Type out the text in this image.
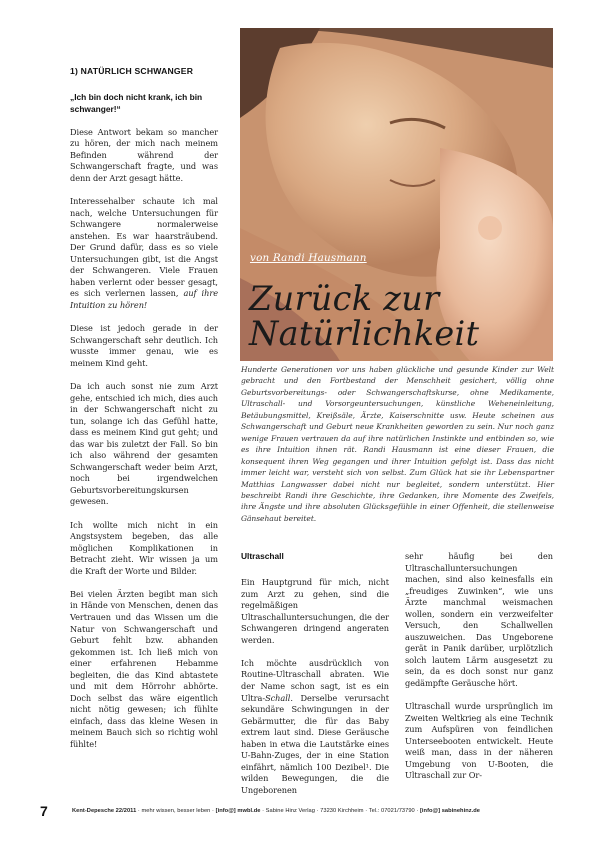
1) NATÜRLICH SCHWANGER
„Ich bin doch nicht krank, ich bin schwanger!“

Diese Antwort bekam so mancher zu hören, der mich nach meinem Befinden während der Schwangerschaft fragte, und was denn der Arzt gesagt hätte.

Interessehalber schaute ich mal nach, welche Untersuchungen für Schwangere normalerweise anstehen. Es war haarsträubend. Der Grund dafür, dass es so viele Untersuchungen gibt, ist die Angst der Schwangeren. Viele Frauen haben verlernt oder besser gesagt, es sich verlernen lassen, auf ihre Intuition zu hören!

Diese ist jedoch gerade in der Schwangerschaft sehr deutlich. Ich wusste immer genau, wie es meinem Kind geht.

Da ich auch sonst nie zum Arzt gehe, entschied ich mich, dies auch in der Schwangerschaft nicht zu tun, solange ich das Gefühl hatte, dass es meinem Kind gut geht; und das war bis zuletzt der Fall. So bin ich also während der gesamten Schwangerschaft weder beim Arzt, noch bei irgendwelchen Geburtsvorbereitungskursen gewesen.

Ich wollte mich nicht in ein Angstsystem begeben, das alle möglichen Komplikationen in Betracht zieht. Wir wissen ja um die Kraft der Worte und Bilder.

Bei vielen Ärzten begibt man sich in Hände von Menschen, denen das Vertrauen und das Wissen um die Natur von Schwangerschaft und Geburt fehlt bzw. abhanden gekommen ist. Ich ließ mich von einer erfahrenen Hebamme begleiten, die das Kind abtastete und mit dem Hörrohr abhörte. Doch selbst das wäre eigentlich nicht nötig gewesen; ich fühlte einfach, dass das kleine Wesen in meinem Bauch sich so richtig wohl fühlte!

von Randi Hausmann
Zurück zur
Natürlichkeit

Hunderte Generationen vor uns haben glückliche und gesunde Kinder zur Welt gebracht und den Fortbestand der Menschheit gesichert, völlig ohne Geburtsvorbereitungs- oder Schwangerschaftskurse, ohne Medikamente, Ultraschall- und Vorsorgeuntersuchungen, künstliche Weheneinleitung, Betäubungsmittel, Kreißsäle, Ärzte, Kaiserschnitte usw. Heute scheinen aus Schwangerschaft und Geburt neue Krankheiten geworden zu sein. Nur noch ganz wenige Frauen vertrauen da auf ihre natürlichen Instinkte und entbinden so, wie es ihre Intuition ihnen rät. Randi Hausmann ist eine dieser Frauen, die konsequent ihren Weg gegangen und ihrer Intuition gefolgt ist. Dass das nicht immer leicht war, versteht sich von selbst. Zum Glück hat sie ihr Lebenspartner Matthias Langwasser dabei nicht nur begleitet, sondern unterstützt. Hier beschreibt Randi ihre Geschichte, ihre Gedanken, ihre Momente des Zweifels, ihre Ängste und ihre absoluten Glücksgefühle in einer Offenheit, die stellenweise Gänsehaut bereitet.

Ultraschall

Ein Hauptgrund für mich, nicht zum Arzt zu gehen, sind die regelmäßigen Ultraschalluntersuchungen, die der Schwangeren dringend angeraten werden.

Ich möchte ausdrücklich von Routine-Ultraschall abraten. Wie der Name schon sagt, ist es ein Ultra-Schall. Derselbe verursacht sekundäre Schwingungen in der Gebärmutter, die für das Baby extrem laut sind. Diese Geräusche haben in etwa die Lautstärke eines U-Bahn-Zuges, der in eine Station einfährt, nämlich 100 Dezibel¹. Die wilden Bewegungen, die die Ungeborenen

sehr häufig bei den Ultraschalluntersuchungen machen, sind also keinesfalls ein „freudiges Zuwinken“, wie uns Ärzte manchmal weismachen wollen, sondern ein verzweifelter Versuch, den Schallwellen auszuweichen. Das Ungeborene gerät in Panik darüber, urplötzlich solch lautem Lärm ausgesetzt zu sein, da es doch sonst nur ganz gedämpfte Geräusche hört.

Ultraschall wurde ursprünglich im Zweiten Weltkrieg als eine Technik zum Aufspüren von feindlichen Unterseebooten entwickelt. Heute weiß man, dass in der näheren Umgebung von U-Booten, die Ultraschall zur Or-

7	Kent-Depesche 22/2011 · mehr wissen, besser leben · [info@] mwbl.de · Sabine Hinz Verlag · 73230 Kirchheim · Tel.: 07021/73790 · [info@] sabinehinz.de
